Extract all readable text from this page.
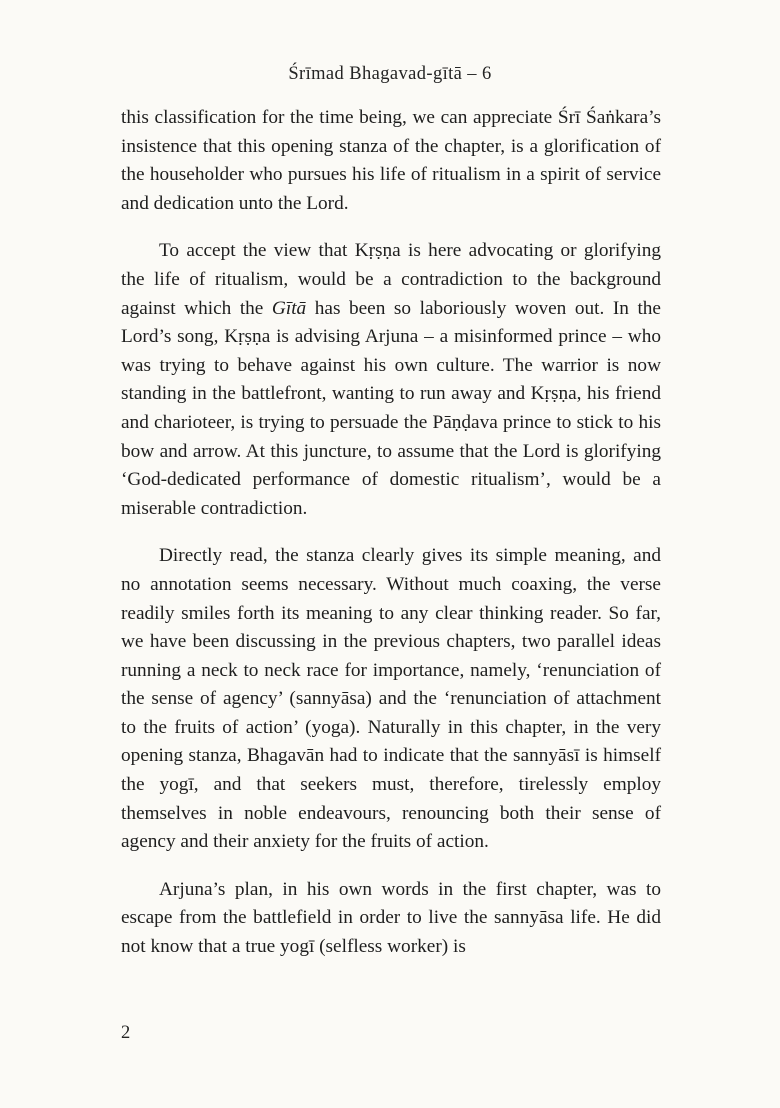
Śrīmad Bhagavad-gītā – 6

this classification for the time being, we can appreciate Śrī Śaṅkara’s insistence that this opening stanza of the chapter, is a glorification of the householder who pursues his life of ritualism in a spirit of service and dedication unto the Lord.

To accept the view that Kṛṣṇa is here advocating or glorifying the life of ritualism, would be a contradiction to the background against which the Gītā has been so laboriously woven out. In the Lord’s song, Kṛṣṇa is advising Arjuna – a misinformed prince – who was trying to behave against his own culture. The warrior is now standing in the battlefront, wanting to run away and Kṛṣṇa, his friend and charioteer, is trying to persuade the Pāṇḍava prince to stick to his bow and arrow. At this juncture, to assume that the Lord is glorifying ‘God-dedicated performance of domestic ritualism’, would be a miserable contradiction.

Directly read, the stanza clearly gives its simple meaning, and no annotation seems necessary. Without much coaxing, the verse readily smiles forth its meaning to any clear thinking reader. So far, we have been discussing in the previous chapters, two parallel ideas running a neck to neck race for importance, namely, ‘renunciation of the sense of agency’ (sannyāsa) and the ‘renunciation of attachment to the fruits of action’ (yoga). Naturally in this chapter, in the very opening stanza, Bhagavān had to indicate that the sannyāsī is himself the yogī, and that seekers must, therefore, tirelessly employ themselves in noble endeavours, renouncing both their sense of agency and their anxiety for the fruits of action.

Arjuna’s plan, in his own words in the first chapter, was to escape from the battlefield in order to live the sannyāsa life. He did not know that a true yogī (selfless worker) is

2
